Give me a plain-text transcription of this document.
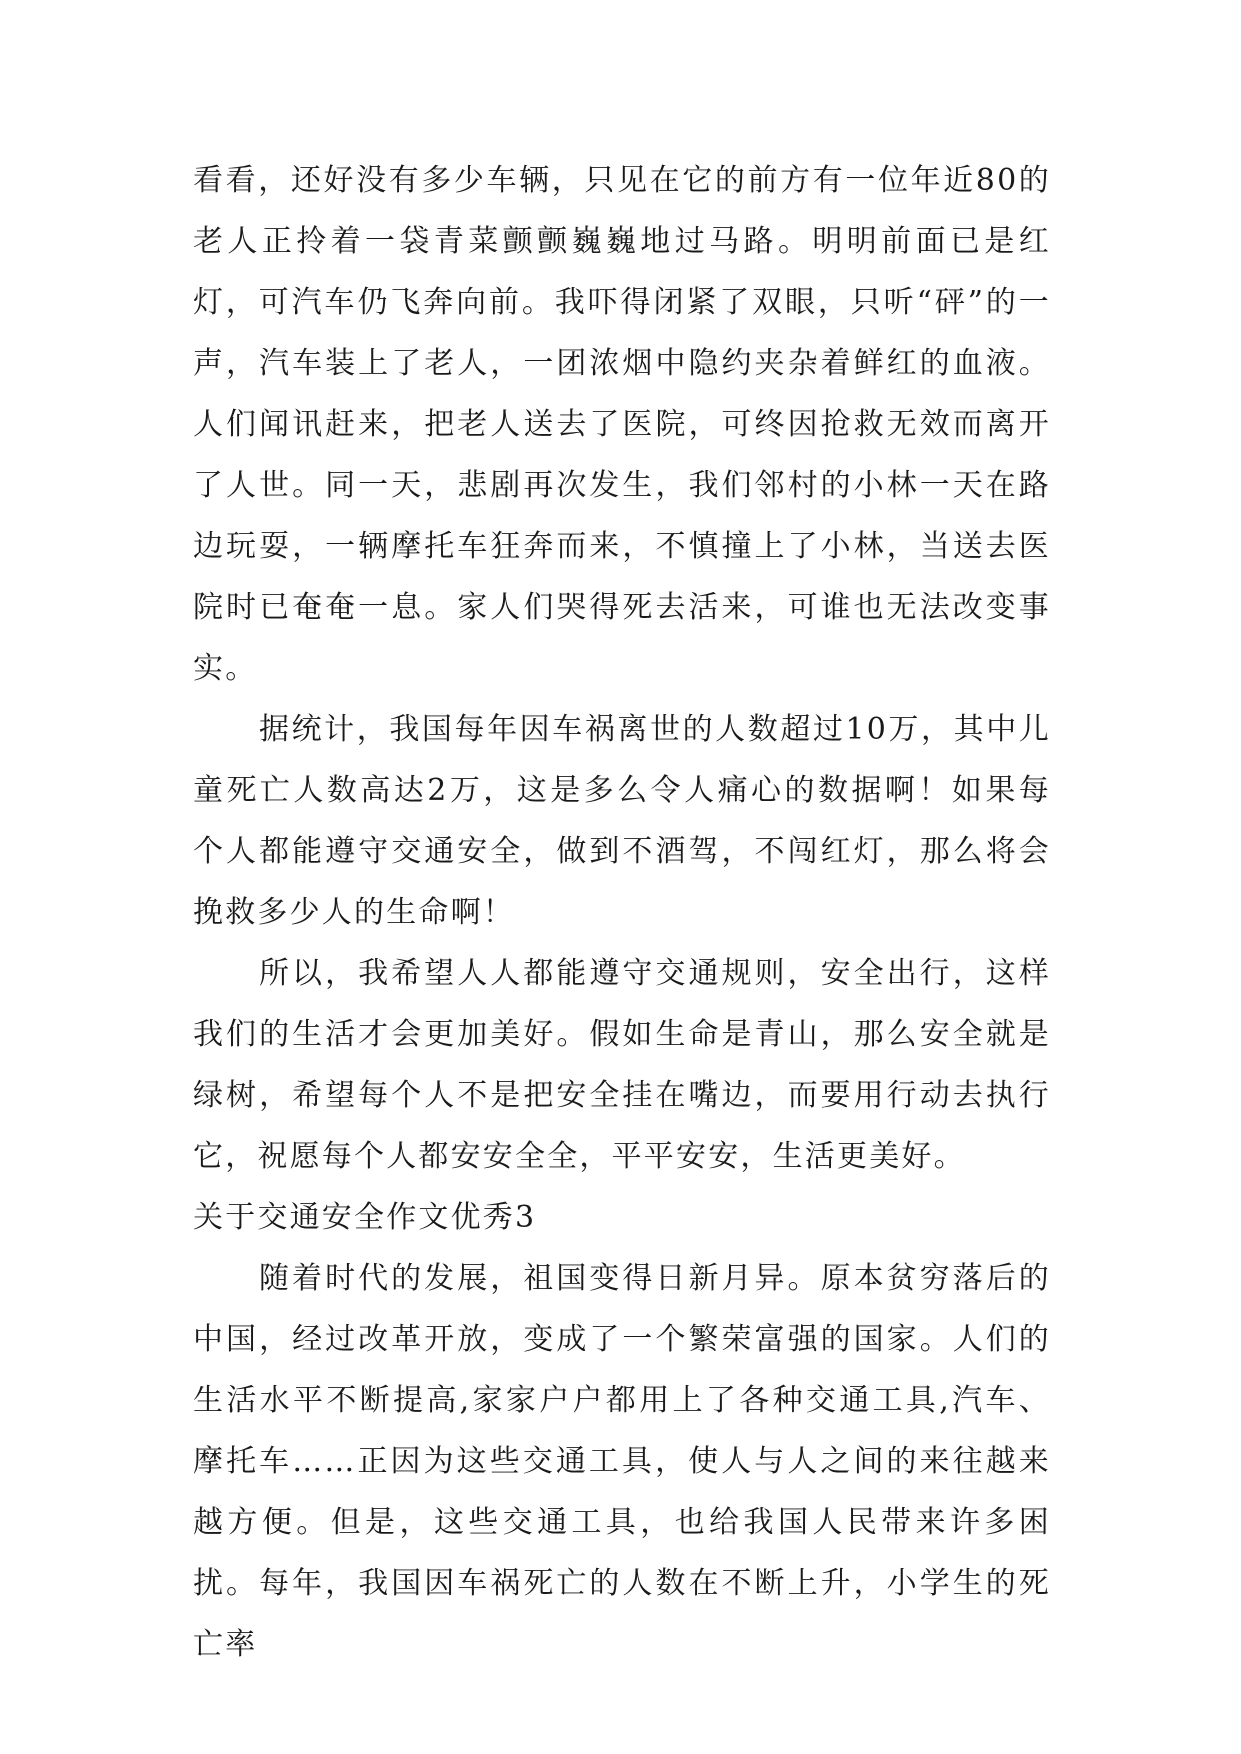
看看，还好没有多少车辆，只见在它的前方有一位年近80的老人正拎着一袋青菜颤颤巍巍地过马路。明明前面已是红灯，可汽车仍飞奔向前。我吓得闭紧了双眼，只听“砰”的一声，汽车装上了老人，一团浓烟中隐约夹杂着鲜红的血液。人们闻讯赶来，把老人送去了医院，可终因抢救无效而离开了人世。同一天，悲剧再次发生，我们邻村的小林一天在路边玩耍，一辆摩托车狂奔而来，不慎撞上了小林，当送去医院时已奄奄一息。家人们哭得死去活来，可谁也无法改变事实。

据统计，我国每年因车祸离世的人数超过10万，其中儿童死亡人数高达2万，这是多么令人痛心的数据啊！如果每个人都能遵守交通安全，做到不酒驾，不闯红灯，那么将会挽救多少人的生命啊！

所以，我希望人人都能遵守交通规则，安全出行，这样我们的生活才会更加美好。假如生命是青山，那么安全就是绿树，希望每个人不是把安全挂在嘴边，而要用行动去执行它，祝愿每个人都安安全全，平平安安，生活更美好。

关于交通安全作文优秀3

随着时代的发展，祖国变得日新月异。原本贫穷落后的中国，经过改革开放，变成了一个繁荣富强的国家。人们的生活水平不断提高,家家户户都用上了各种交通工具,汽车、摩托车……正因为这些交通工具，使人与人之间的来往越来越方便。但是，这些交通工具，也给我国人民带来许多困扰。每年，我国因车祸死亡的人数在不断上升，小学生的死亡率
